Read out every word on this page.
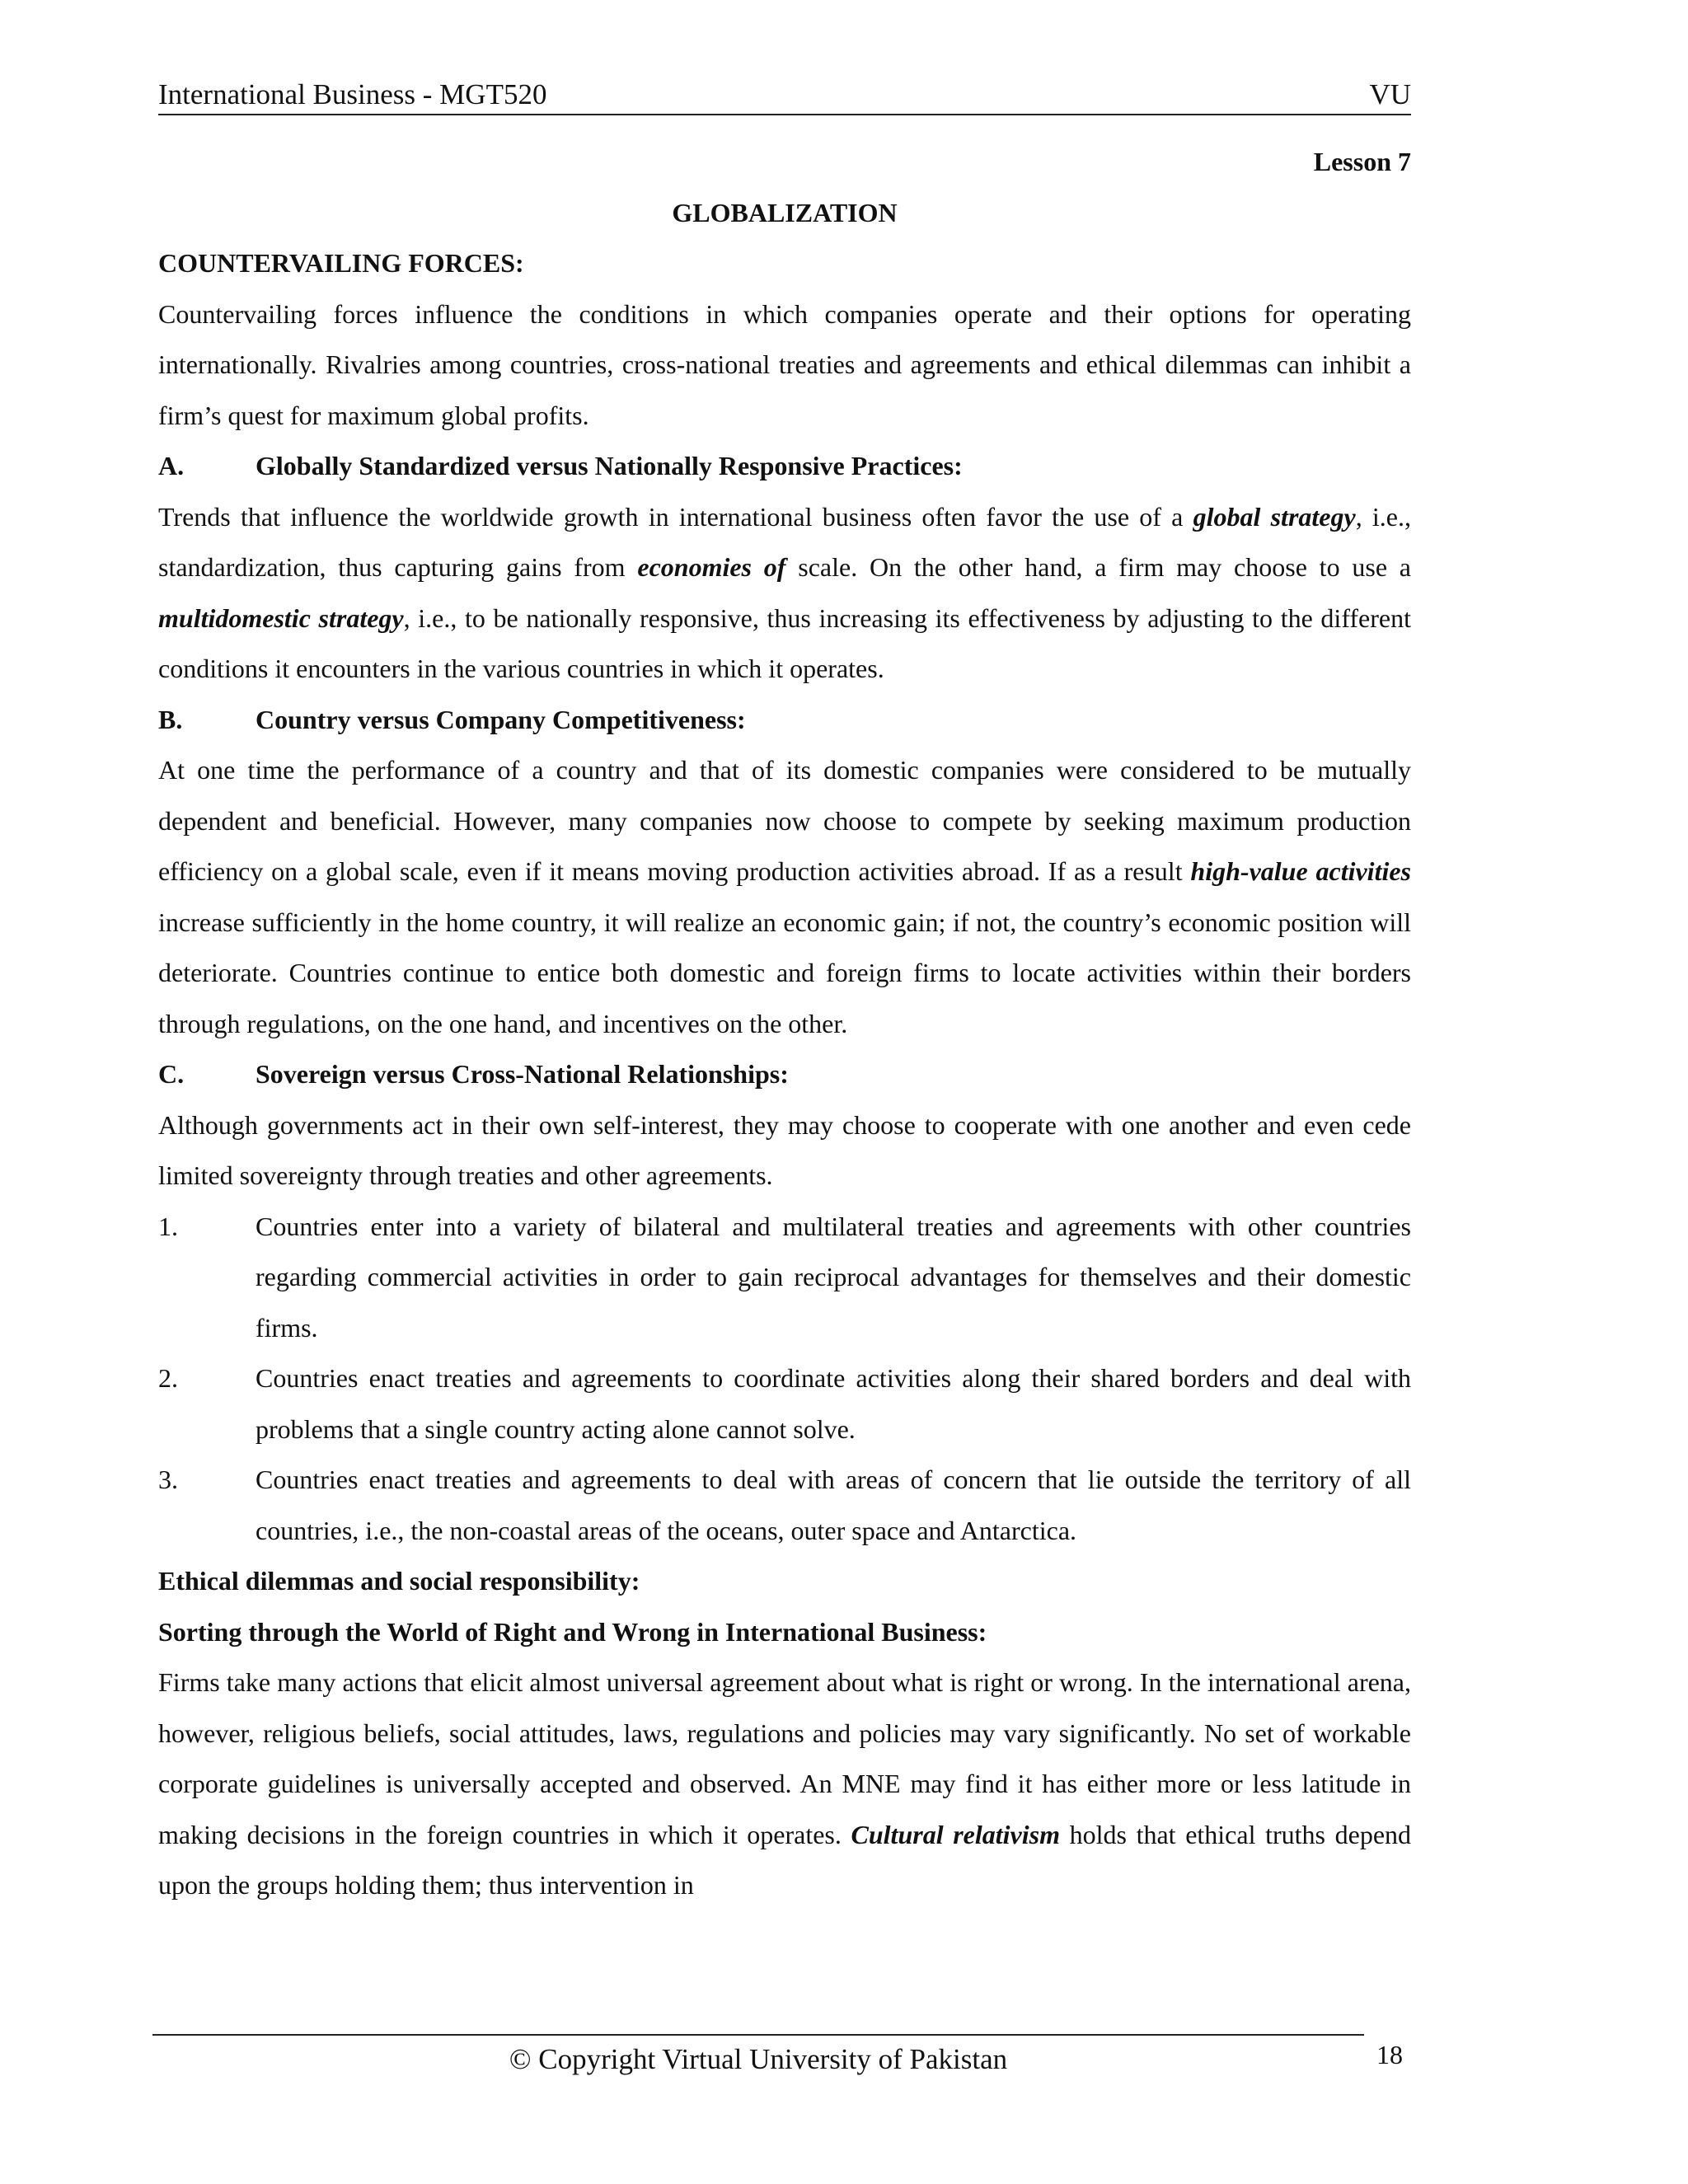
International Business - MGT520	VU

Lesson 7

GLOBALIZATION

COUNTERVAILING FORCES:

Countervailing forces influence the conditions in which companies operate and their options for operating internationally. Rivalries among countries, cross-national treaties and agreements and ethical dilemmas can inhibit a firm’s quest for maximum global profits.

A.	Globally Standardized versus Nationally Responsive Practices:

Trends that influence the worldwide growth in international business often favor the use of a global strategy, i.e., standardization, thus capturing gains from economies of scale. On the other hand, a firm may choose to use a multidomestic strategy, i.e., to be nationally responsive, thus increasing its effectiveness by adjusting to the different conditions it encounters in the various countries in which it operates.

B.	Country versus Company Competitiveness:

At one time the performance of a country and that of its domestic companies were considered to be mutually dependent and beneficial. However, many companies now choose to compete by seeking maximum production efficiency on a global scale, even if it means moving production activities abroad. If as a result high-value activities increase sufficiently in the home country, it will realize an economic gain; if not, the country’s economic position will deteriorate. Countries continue to entice both domestic and foreign firms to locate activities within their borders through regulations, on the one hand, and incentives on the other.

C.	Sovereign versus Cross-National Relationships:

Although governments act in their own self-interest, they may choose to cooperate with one another and even cede limited sovereignty through treaties and other agreements.

1.	Countries enter into a variety of bilateral and multilateral treaties and agreements with other countries regarding commercial activities in order to gain reciprocal advantages for themselves and their domestic firms.
2.	Countries enact treaties and agreements to coordinate activities along their shared borders and deal with problems that a single country acting alone cannot solve.
3.	Countries enact treaties and agreements to deal with areas of concern that lie outside the territory of all countries, i.e., the non-coastal areas of the oceans, outer space and Antarctica.

Ethical dilemmas and social responsibility:

Sorting through the World of Right and Wrong in International Business:

Firms take many actions that elicit almost universal agreement about what is right or wrong. In the international arena, however, religious beliefs, social attitudes, laws, regulations and policies may vary significantly. No set of workable corporate guidelines is universally accepted and observed. An MNE may find it has either more or less latitude in making decisions in the foreign countries in which it operates. Cultural relativism holds that ethical truths depend upon the groups holding them; thus intervention in

© Copyright Virtual University of Pakistan	18
